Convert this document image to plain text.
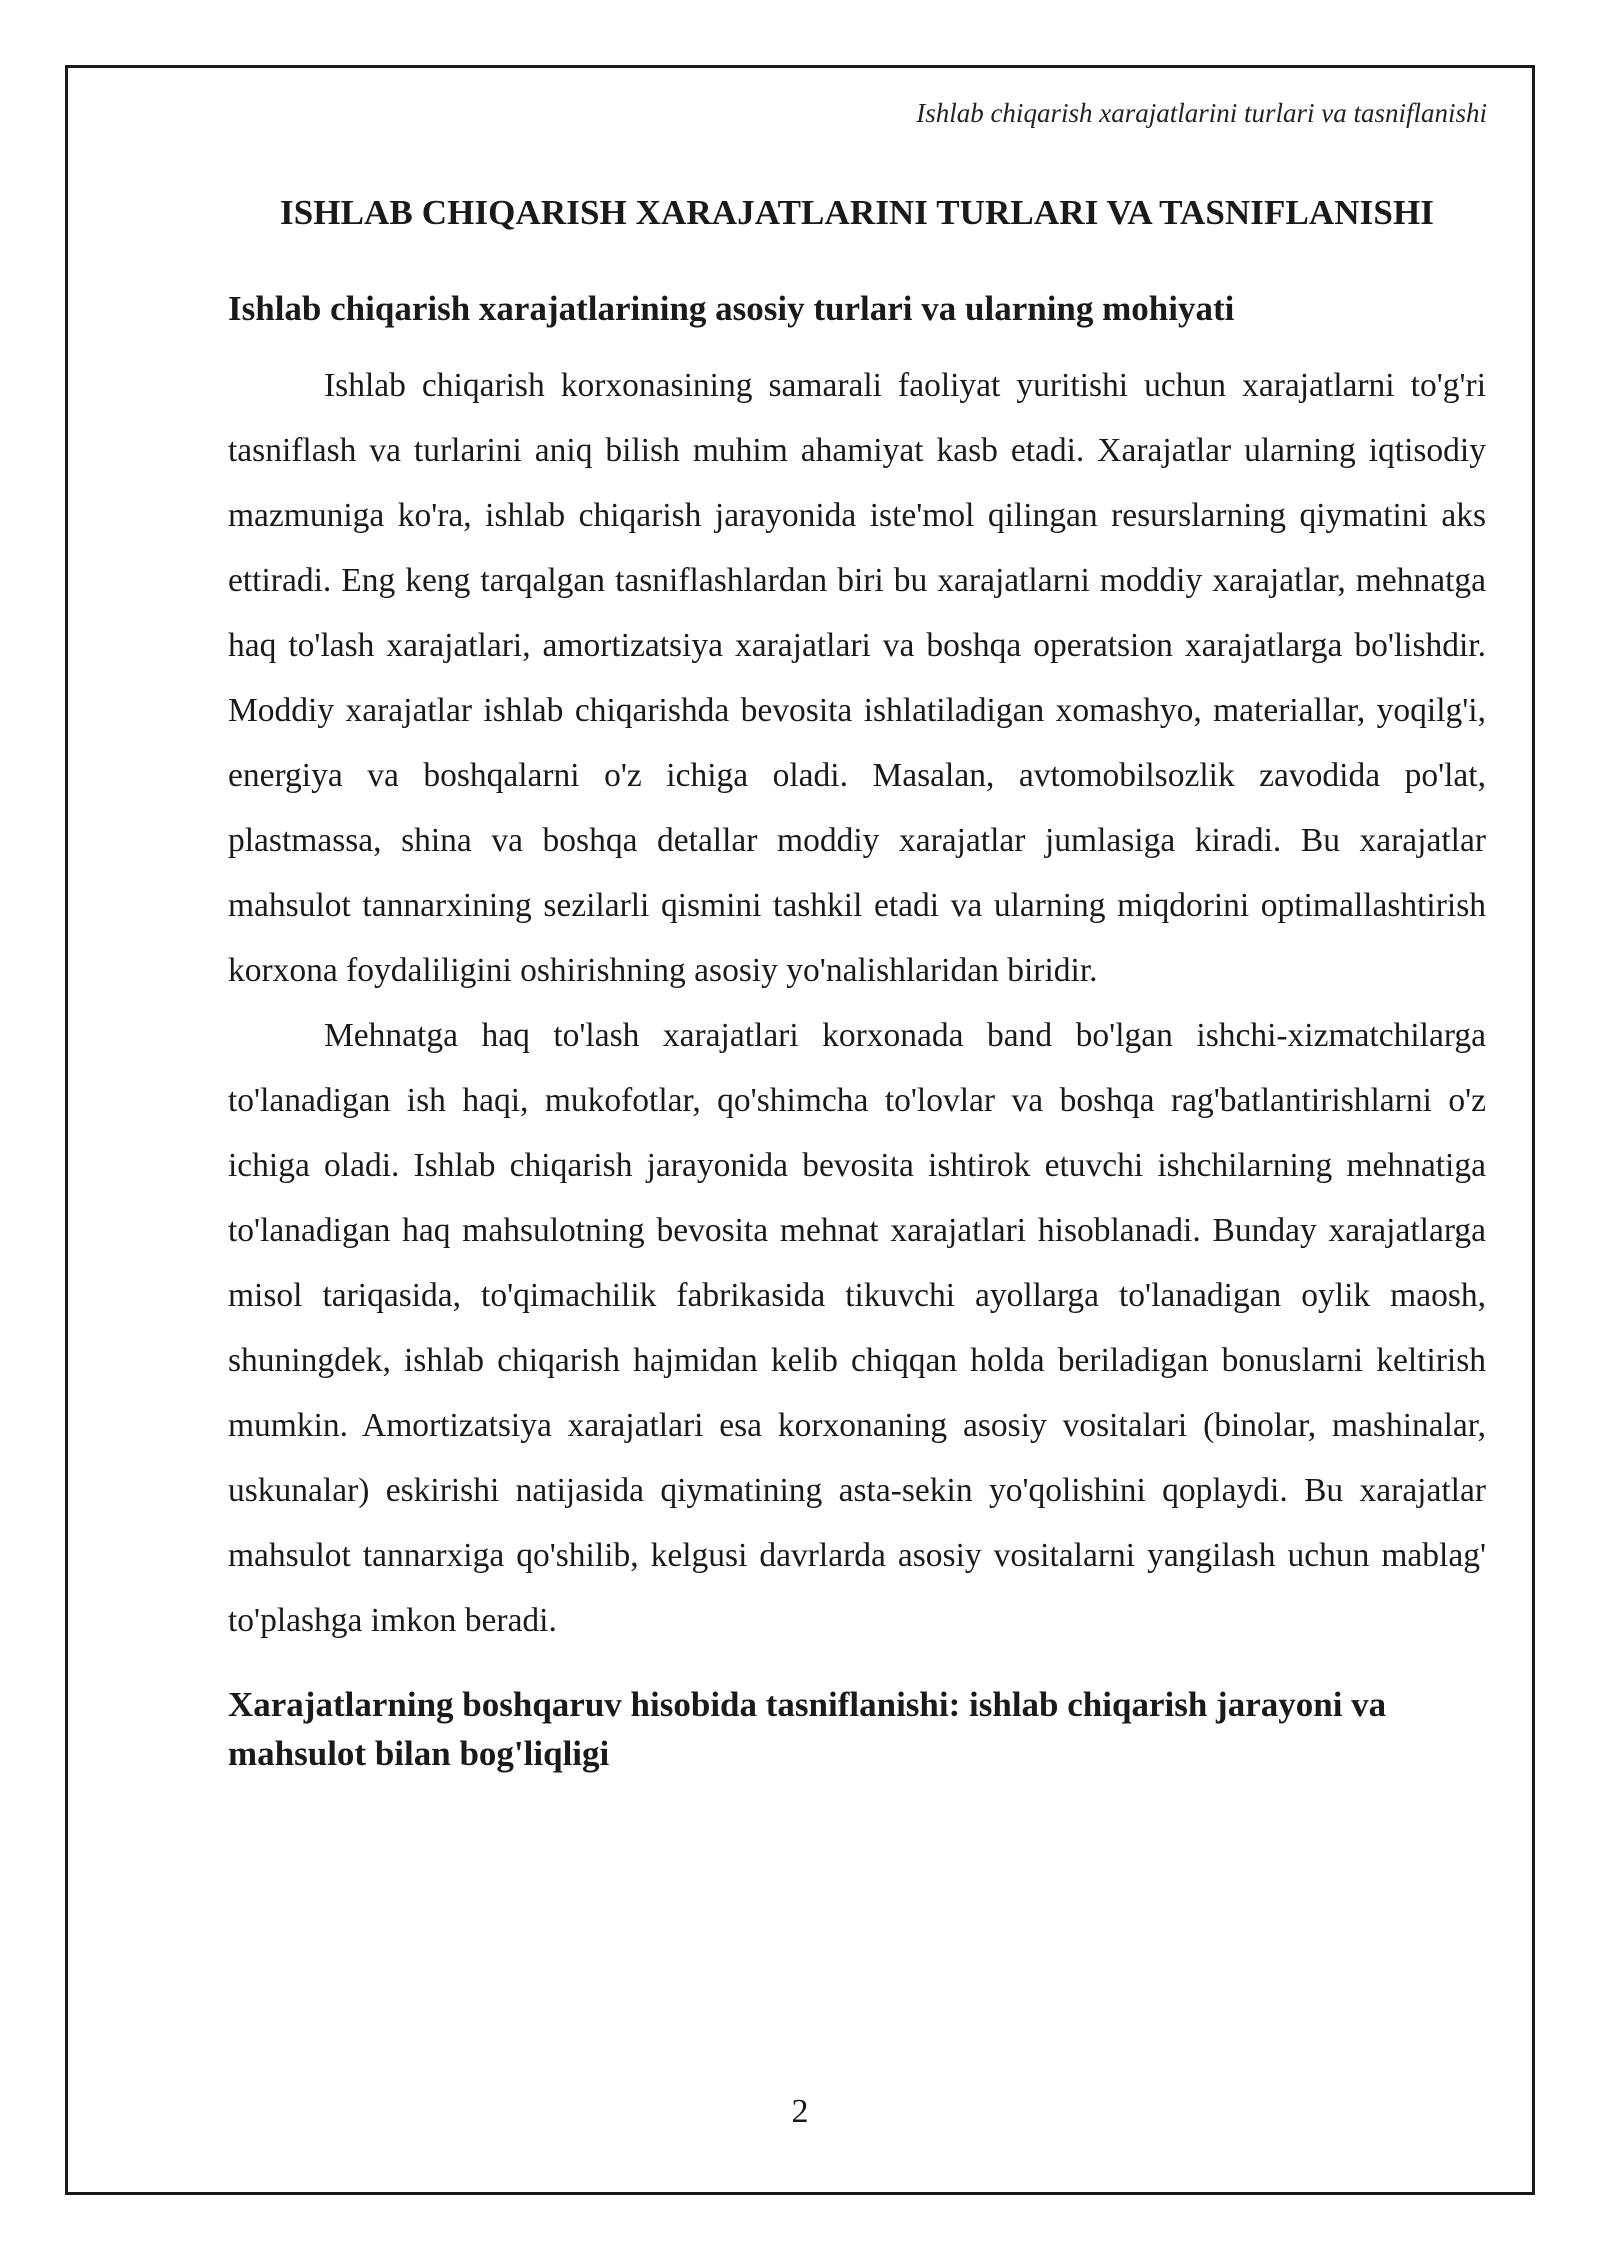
Ishlab chiqarish xarajatlarini turlari va tasniflanishi
ISHLAB CHIQARISH XARAJATLARINI TURLARI VA TASNIFLANISHI
Ishlab chiqarish xarajatlarining asosiy turlari va ularning mohiyati

Ishlab chiqarish korxonasining samarali faoliyat yuritishi uchun xarajatlarni to'g'ri tasniflash va turlarini aniq bilish muhim ahamiyat kasb etadi. Xarajatlar ularning iqtisodiy mazmuniga ko'ra, ishlab chiqarish jarayonida iste'mol qilingan resurslarning qiymatini aks ettiradi. Eng keng tarqalgan tasniflashlardan biri bu xarajatlarni moddiy xarajatlar, mehnatga haq to'lash xarajatlari, amortizatsiya xarajatlari va boshqa operatsion xarajatlarga bo'lishdir. Moddiy xarajatlar ishlab chiqarishda bevosita ishlatiladigan xomashyo, materiallar, yoqilg'i, energiya va boshqalarni o'z ichiga oladi. Masalan, avtomobilsozlik zavodida po'lat, plastmassa, shina va boshqa detallar moddiy xarajatlar jumlasiga kiradi. Bu xarajatlar mahsulot tannarxining sezilarli qismini tashkil etadi va ularning miqdorini optimallashtirish korxona foydaliligini oshirishning asosiy yo'nalishlaridan biridir.

Mehnatga haq to'lash xarajatlari korxonada band bo'lgan ishchi-xizmatchilarga to'lanadigan ish haqi, mukofotlar, qo'shimcha to'lovlar va boshqa rag'batlantirishlarni o'z ichiga oladi. Ishlab chiqarish jarayonida bevosita ishtirok etuvchi ishchilarning mehnatiga to'lanadigan haq mahsulotning bevosita mehnat xarajatlari hisoblanadi. Bunday xarajatlarga misol tariqasida, to'qimachilik fabrikasida tikuvchi ayollarga to'lanadigan oylik maosh, shuningdek, ishlab chiqarish hajmidan kelib chiqqan holda beriladigan bonuslarni keltirish mumkin. Amortizatsiya xarajatlari esa korxonaning asosiy vositalari (binolar, mashinalar, uskunalar) eskirishi natijasida qiymatining asta-sekin yo'qolishini qoplaydi. Bu xarajatlar mahsulot tannarxiga qo'shilib, kelgusi davrlarda asosiy vositalarni yangilash uchun mablag' to'plashga imkon beradi.

Xarajatlarning boshqaruv hisobida tasniflanishi: ishlab chiqarish jarayoni va mahsulot bilan bog'liqligi
2
